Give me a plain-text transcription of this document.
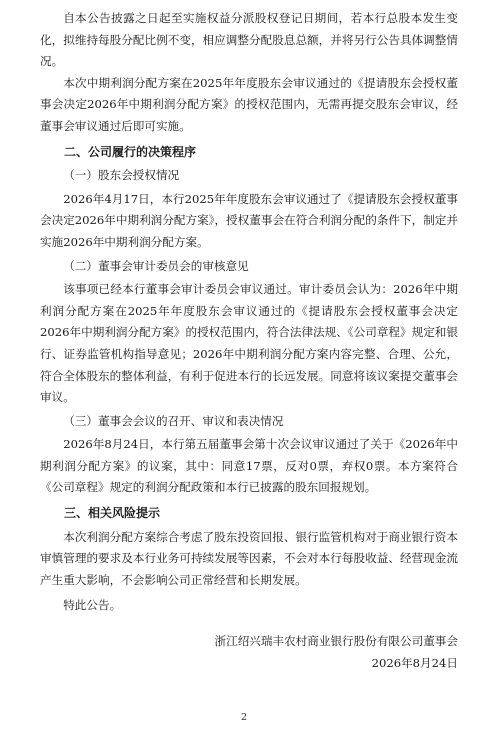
自本公告披露之日起至实施权益分派股权登记日期间，若本行总股本发生变化，拟维持每股分配比例不变，相应调整分配股息总额，并将另行公告具体调整情况。

本次中期利润分配方案在2025年年度股东会审议通过的《提请股东会授权董事会决定2026年中期利润分配方案》的授权范围内，无需再提交股东会审议，经董事会审议通过后即可实施。

二、公司履行的决策程序

（一）股东会授权情况

2026年4月17日，本行2025年年度股东会审议通过了《提请股东会授权董事会决定2026年中期利润分配方案》，授权董事会在符合利润分配的条件下，制定并实施2026年中期利润分配方案。

（二）董事会审计委员会的审核意见

该事项已经本行董事会审计委员会审议通过。审计委员会认为：2026年中期利润分配方案在2025年年度股东会审议通过的《提请股东会授权董事会决定2026年中期利润分配方案》的授权范围内，符合法律法规、《公司章程》规定和银行、证券监管机构指导意见；2026年中期利润分配方案内容完整、合理、公允，符合全体股东的整体利益，有利于促进本行的长远发展。同意将该议案提交董事会审议。

（三）董事会会议的召开、审议和表决情况

2026年8月24日，本行第五届董事会第十次会议审议通过了关于《2026年中期利润分配方案》的议案，其中：同意17票，反对0票，弃权0票。本方案符合《公司章程》规定的利润分配政策和本行已披露的股东回报规划。

三、相关风险提示

本次利润分配方案综合考虑了股东投资回报、银行监管机构对于商业银行资本审慎管理的要求及本行业务可持续发展等因素，不会对本行每股收益、经营现金流产生重大影响，不会影响公司正常经营和长期发展。

特此公告。

浙江绍兴瑞丰农村商业银行股份有限公司董事会

2026年8月24日

2
